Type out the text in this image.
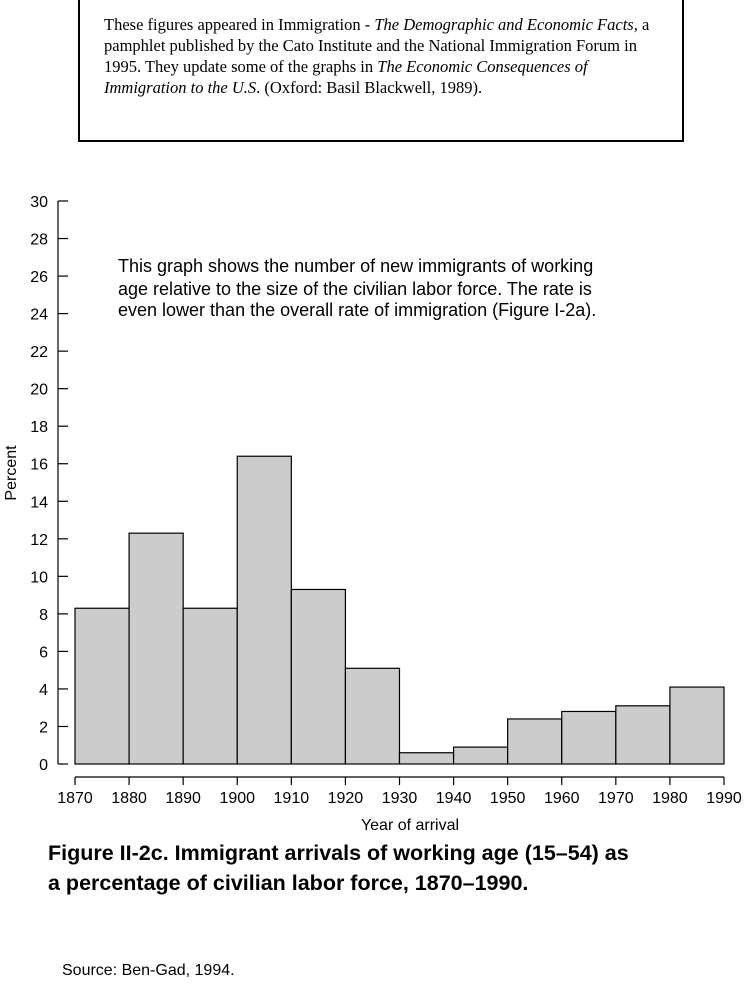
These figures appeared in Immigration - The Demographic and Economic Facts, a pamphlet published by the Cato Institute and the National Immigration Forum in 1995. They update some of the graphs in The Economic Consequences of Immigration to the U.S. (Oxford: Basil Blackwell, 1989).
0
2
4
6
8
10
12
14
16
18
20
22
24
26
28
30
1870 1880 1890 1900 1910 1920 1930 1940 1950 1960 1970 1980 1990
This graph shows the number of new immigrants of working
age relative to the size of the civilian labor force. The rate is
even lower than the overall rate of immigration (Figure I-2a).
Year of arrival
Percent
Figure II-2c. Immigrant arrivals of working age (15–54) as
a percentage of civilian labor force, 1870–1990.
Source: Ben-Gad, 1994.
